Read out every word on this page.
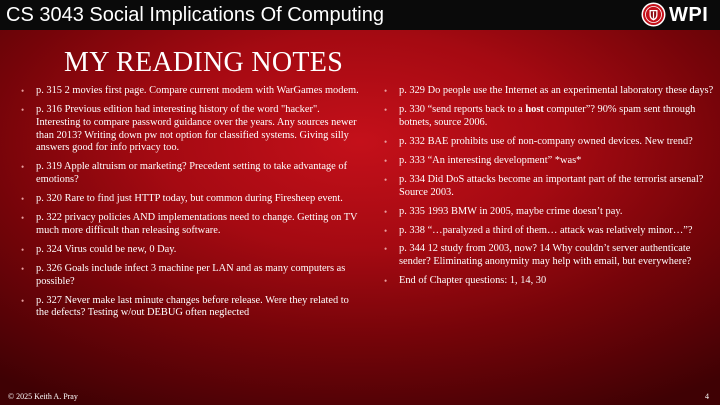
CS 3043 Social Implications Of Computing	WPI
MY READING NOTES
• p. 315 2 movies first page. Compare current modem with WarGames modem.
• p. 316 Previous edition had interesting history of the word "hacker". Interesting to compare password guidance over the years. Any sources newer than 2013? Writing down pw not option for classified systems. Giving silly answers good for info privacy too.
• p. 319 Apple altruism or marketing? Precedent setting to take advantage of emotions?
• p. 320 Rare to find just HTTP today, but common during Firesheep event.
• p. 322 privacy policies AND implementations need to change. Getting on TV much more difficult than releasing software.
• p. 324 Virus could be new, 0 Day.
• p. 326 Goals include infect 3 machine per LAN and as many computers as possible?
• p. 327 Never make last minute changes before release. Were they related to the defects? Testing w/out DEBUG often neglected
• p. 329 Do people use the Internet as an experimental laboratory these days?
• p. 330 “send reports back to a host computer”? 90% spam sent through botnets, source 2006.
• p. 332 BAE prohibits use of non-company owned devices. New trend?
• p. 333 “An interesting development” *was*
• p. 334 Did DoS attacks become an important part of the terrorist arsenal? Source 2003.
• p. 335 1993 BMW in 2005, maybe crime doesn’t pay.
• p. 338 “…paralyzed a third of them… attack was relatively minor…”?
• p. 344 12 study from 2003, now? 14 Why couldn’t server authenticate sender? Eliminating anonymity may help with email, but everywhere?
• End of Chapter questions: 1, 14, 30
© 2025 Keith A. Pray	4
